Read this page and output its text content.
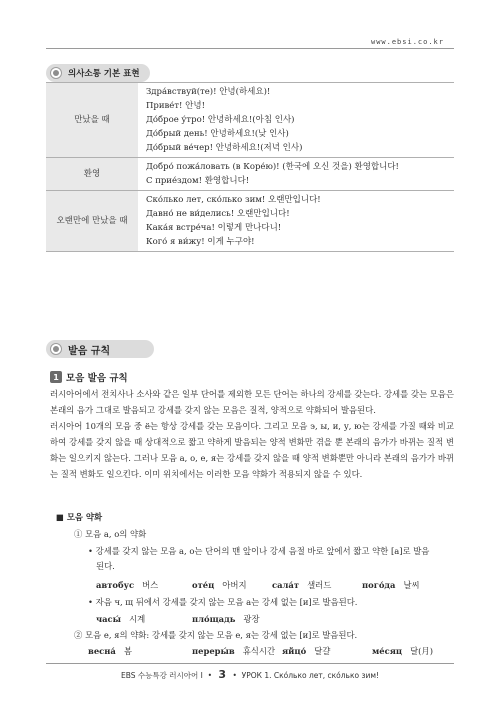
www.ebsi.co.kr
의사소통 기본 표현
만났을 때	Здра́вствуй(те)! 안녕(하세요)!
Приве́т! 안녕!
До́брое у́тро! 안녕하세요!(아침 인사)
До́брый день! 안녕하세요!(낮 인사)
До́брый ве́чер! 안녕하세요!(저녁 인사)

환영	Добро́ пожа́ловать (в Коре́ю)! (한국에 오신 것을) 환영합니다!
С прие́здом! 환영합니다!

오랜만에 만났을 때	Ско́лько лет, ско́лько зим! 오랜만입니다!
Давно́ не ви́делись! 오랜만입니다!
Кака́я встре́ча! 이렇게 만나다니!
Кого́ я ви́жу! 이게 누구야!
발음 규칙
1 모음 발음 규칙
러시아어에서 전치사나 소사와 같은 일부 단어를 제외한 모든 단어는 하나의 강세를 갖는다. 강세를 갖는 모음은 본래의 음가 그대로 발음되고 강세를 갖지 않는 모음은 질적, 양적으로 약화되어 발음된다.
러시아어 10개의 모음 중 ё는 항상 강세를 갖는 모음이다. 그리고 모음 э, ы, и, у, ю는 강세를 가질 때와 비교하여 강세를 갖지 않을 때 상대적으로 짧고 약하게 발음되는 양적 변화만 겪을 뿐 본래의 음가가 바뀌는 질적 변화는 일으키지 않는다. 그러나 모음 а, о, е, я는 강세를 갖지 않을 때 양적 변화뿐만 아니라 본래의 음가가 바뀌는 질적 변화도 일으킨다. 이미 위치에서는 이러한 모음 약화가 적용되지 않을 수 있다.
■ 모음 약화
① 모음 а, о의 약화
• 강세를 갖지 않는 모음 а, о는 단어의 맨 앞이나 강세 음절 바로 앞에서 짧고 약한 [а]로 발음
된다.
автобус 버스	оте́ц 아버지	сала́т 샐러드	пого́да 날씨
• 자음 ч, щ 뒤에서 강세를 갖지 않는 모음 а는 강세 없는 [и]로 발음된다.
часы́ 시계	пло́щадь 광장
② 모음 е, я의 약화: 강세를 갖지 않는 모음 е, я는 강세 없는 [и]로 발음된다.
весна́ 봄	переры́в 휴식시간 яйцо́ 달걀	ме́сяц 달(月)
EBS 수능특강 러시아어 I  • 3 •  УРОК 1. Ско́лько лет, ско́лько зим!
